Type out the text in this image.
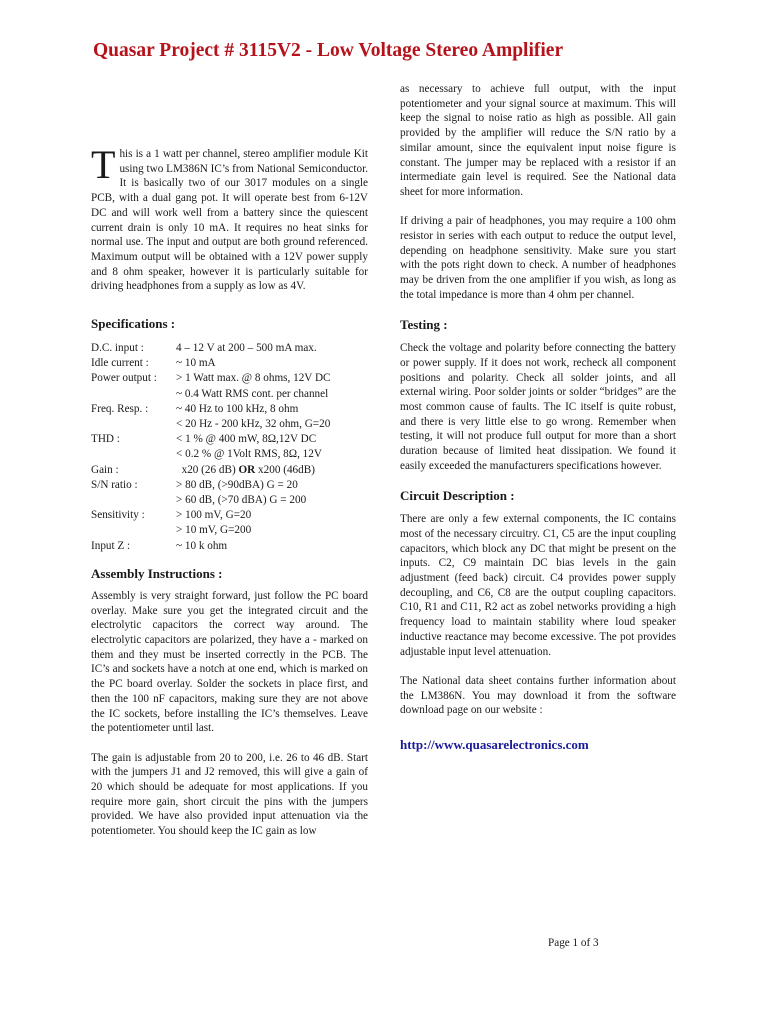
Quasar Project # 3115V2 - Low Voltage Stereo Amplifier

This is a 1 watt per channel, stereo amplifier module Kit using two LM386N IC’s from National Semiconductor. It is basically two of our 3017 modules on a single PCB, with a dual gang pot. It will operate best from 6-12V DC and will work well from a battery since the quiescent current drain is only 10 mA. It requires no heat sinks for normal use. The input and output are both ground referenced. Maximum output will be obtained with a 12V power supply and 8 ohm speaker, however it is particularly suitable for driving headphones from a supply as low as 4V.

Specifications :
D.C. input :	4 – 12 V at 200 – 500 mA max.
Idle current :	~ 10 mA
Power output :	> 1 Watt max. @ 8 ohms, 12V DC
	~ 0.4 Watt RMS cont. per channel
Freq. Resp. :	~ 40 Hz to 100 kHz, 8 ohm
	< 20 Hz - 200 kHz, 32 ohm, G=20
THD :	< 1 % @ 400 mW, 8Ω,12V DC
	< 0.2 % @ 1Volt RMS, 8Ω, 12V
Gain :	x20 (26 dB) OR x200 (46dB)
S/N ratio :	> 80 dB, (>90dBA) G = 20
	> 60 dB, (>70 dBA) G = 200
Sensitivity :	> 100 mV, G=20
	> 10 mV, G=200
Input Z :	~ 10 k ohm
Assembly Instructions :

Assembly is very straight forward, just follow the PC board overlay. Make sure you get the integrated circuit and the electrolytic capacitors the correct way around. The electrolytic capacitors are polarized, they have a - marked on them and they must be inserted correctly in the PCB. The IC’s and sockets have a notch at one end, which is marked on the PC board overlay. Solder the sockets in place first, and then the 100 nF capacitors, making sure they are not above the IC sockets, before installing the IC’s themselves. Leave the potentiometer until last.

The gain is adjustable from 20 to 200, i.e. 26 to 46 dB. Start with the jumpers J1 and J2 removed, this will give a gain of 20 which should be adequate for most applications. If you require more gain, short circuit the pins with the jumpers provided. We have also provided input attenuation via the potentiometer. You should keep the IC gain as low

as necessary to achieve full output, with the input potentiometer and your signal source at maximum. This will keep the signal to noise ratio as high as possible. All gain provided by the amplifier will reduce the S/N ratio by a similar amount, since the equivalent input noise figure is constant. The jumper may be replaced with a resistor if an intermediate gain level is required. See the National data sheet for more information.

If driving a pair of headphones, you may require a 100 ohm resistor in series with each output to reduce the output level, depending on headphone sensitivity. Make sure you start with the pots right down to check. A number of headphones may be driven from the one amplifier if you wish, as long as the total impedance is more than 4 ohm per channel.

Testing :

Check the voltage and polarity before connecting the battery or power supply. If it does not work, recheck all component positions and polarity. Check all solder joints, and all external wiring. Poor solder joints or solder “bridges” are the most common cause of faults. The IC itself is quite robust, and there is very little else to go wrong. Remember when testing, it will not produce full output for more than a short duration because of limited heat dissipation. We found it easily exceeded the manufacturers specifications however.

Circuit Description :

There are only a few external components, the IC contains most of the necessary circuitry. C1, C5 are the input coupling capacitors, which block any DC that might be present on the inputs. C2, C9 maintain DC bias levels in the gain adjustment (feed back) circuit. C4 provides power supply decoupling, and C6, C8 are the output coupling capacitors. C10, R1 and C11, R2 act as zobel networks providing a high frequency load to maintain stability where loud speaker inductive reactance may become excessive. The pot provides adjustable input level attenuation.

The National data sheet contains further information about the LM386N. You may download it from the software download page on our website :

http://www.quasarelectronics.com
Page 1 of 3
